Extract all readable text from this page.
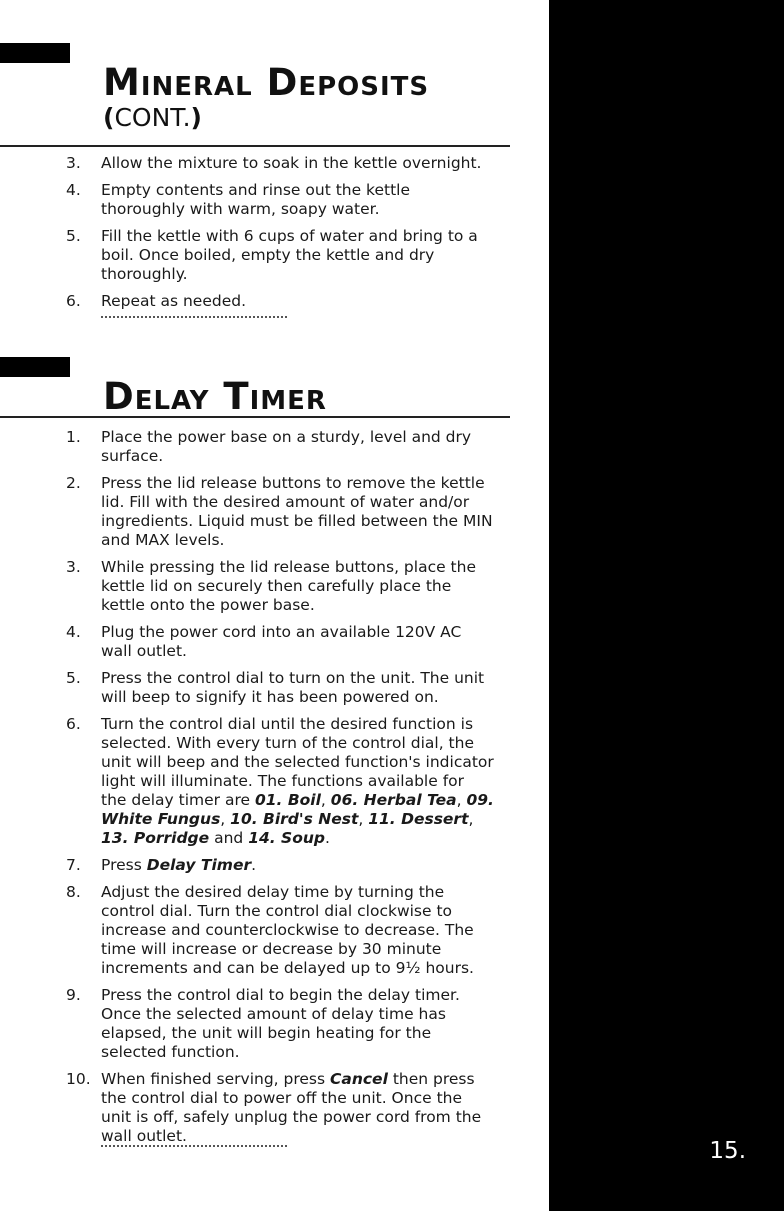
15.
Mineral Deposits
(CONT.)
3.	Allow the mixture to soak in the kettle overnight.
4.	Empty contents and rinse out the kettle thoroughly with warm, soapy water.
5.	Fill the kettle with 6 cups of water and bring to a boil. Once boiled, empty the kettle and dry thoroughly.
6.	Repeat as needed.
Delay Timer
1.	Place the power base on a sturdy, level and dry surface.
2.	Press the lid release buttons to remove the kettle lid. Fill with the desired amount of water and/or ingredients. Liquid must be filled between the MIN and MAX levels.
3.	While pressing the lid release buttons, place the kettle lid on securely then carefully place the kettle onto the power base.
4.	Plug the power cord into an available 120V AC wall outlet.
5.	Press the control dial to turn on the unit. The unit will beep to signify it has been powered on.
6.	Turn the control dial until the desired function is selected. With every turn of the control dial, the unit will beep and the selected function's indicator light will illuminate. The functions available for the delay timer are 01. Boil, 06. Herbal Tea, 09. White Fungus, 10. Bird's Nest, 11. Dessert, 13. Porridge and 14. Soup.
7.	Press Delay Timer.
8.	Adjust the desired delay time by turning the control dial. Turn the control dial clockwise to increase and counterclockwise to decrease. The time will increase or decrease by 30 minute increments and can be delayed up to 9½ hours.
9.	Press the control dial to begin the delay timer. Once the selected amount of delay time has elapsed, the unit will begin heating for the selected function.
10. When finished serving, press Cancel then press the control dial to power off the unit. Once the unit is off, safely unplug the power cord from the wall outlet.
